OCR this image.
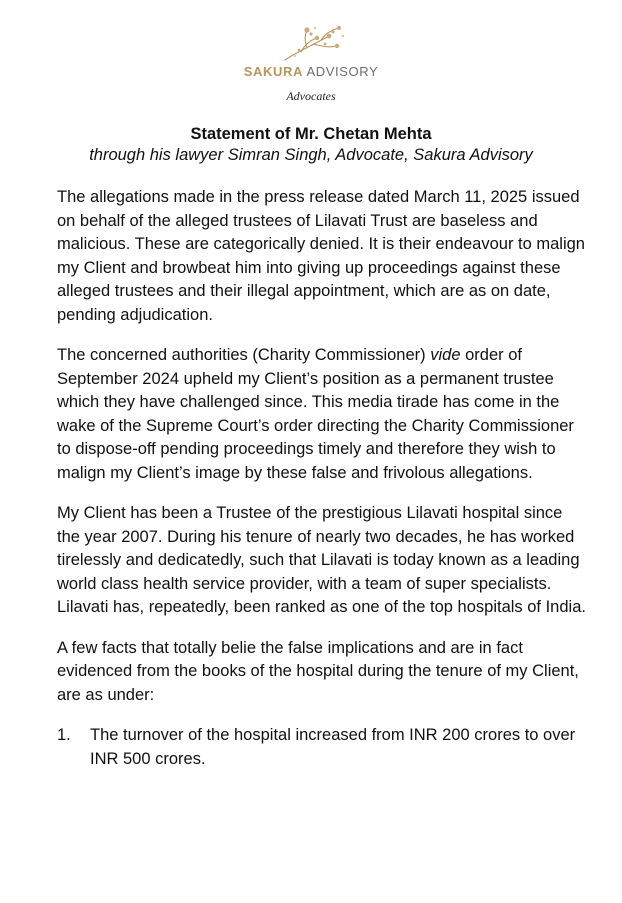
SAKURA ADVISORY
Advocates
Statement of Mr. Chetan Mehta
through his lawyer Simran Singh, Advocate, Sakura Advisory

The allegations made in the press release dated March 11, 2025 issued on behalf of the alleged trustees of Lilavati Trust are baseless and malicious. These are categorically denied. It is their endeavour to malign my Client and browbeat him into giving up proceedings against these alleged trustees and their illegal appointment, which are as on date, pending adjudication.

The concerned authorities (Charity Commissioner) vide order of September 2024 upheld my Client’s position as a permanent trustee which they have challenged since. This media tirade has come in the wake of the Supreme Court’s order directing the Charity Commissioner to dispose-off pending proceedings timely and therefore they wish to malign my Client’s image by these false and frivolous allegations.

My Client has been a Trustee of the prestigious Lilavati hospital since the year 2007. During his tenure of nearly two decades, he has worked tirelessly and dedicatedly, such that Lilavati is today known as a leading world class health service provider, with a team of super specialists. Lilavati has, repeatedly, been ranked as one of the top hospitals of India.

A few facts that totally belie the false implications and are in fact evidenced from the books of the hospital during the tenure of my Client, are as under:

1. The turnover of the hospital increased from INR 200 crores to over INR 500 crores.
